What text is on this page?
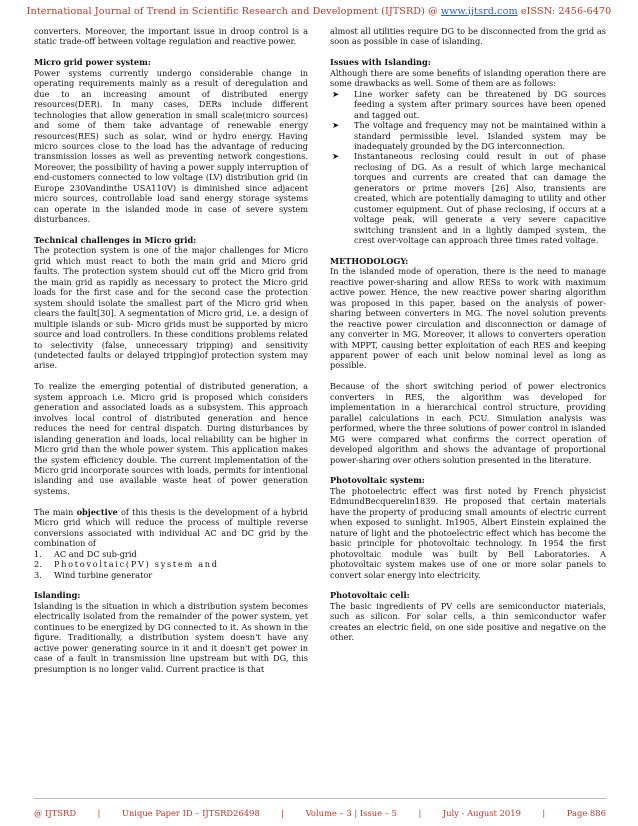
International Journal of Trend in Scientific Research and Development (IJTSRD) @ www.ijtsrd.com eISSN: 2456-6470

converters. Moreover, the important issue in droop control is a static trade-off between voltage regulation and reactive power.

Micro grid power system:

Power systems currently undergo considerable change in operating requirements mainly as a result of deregulation and due to an increasing amount of distributed energy resources(DER). In many cases, DERs include different technologies that allow generation in small scale(micro sources) and some of them take advantage of renewable energy resources(RES) such as solar, wind or hydro energy. Having micro sources close to the load has the advantage of reducing transmission losses as well as preventing network congestions. Moreover, the possibility of having a power supply interruption of end-customers connected to low voltage (LV) distribution grid (in Europe 230Vandinthe USA110V) is diminished since adjacent micro sources, controllable load sand energy storage systems can operate in the islanded mode in case of severe system disturbances.

Technical challenges in Micro grid:

The protection system is one of the major challenges for Micro grid which must react to both the main grid and Micro grid faults. The protection system should cut off the Micro grid from the main grid as rapidly as necessary to protect the Micro grid loads for the first case and for the second case the protection system should isolate the smallest part of the Micro grid when clears the fault[30]. A segmentation of Micro grid, i.e. a design of multiple islands or sub- Micro grids must be supported by micro source and load controllers. In these conditions problems related to selectivity (false, unnecessary tripping) and sensitivity (undetected faults or delayed tripping)of protection system may arise.

To realize the emerging potential of distributed generation, a system approach i.e. Micro grid is proposed which considers generation and associated loads as a subsystem. This approach involves local control of distributed generation and hence reduces the need for central dispatch. During disturbances by islanding generation and loads, local reliability can be higher in Micro grid than the whole power system. This application makes the system efficiency double. The current implementation of the Micro grid incorporate sources with loads, permits for intentional islanding and use available waste heat of power generation systems.

The main objective of this thesis is the development of a hybrid Micro grid which will reduce the process of multiple reverse conversions associated with individual AC and DC grid by the combination of

1. AC and DC sub-grid
2. Photovoltaic(PV) system and
3. Wind turbine generator

Islanding:

Islanding is the situation in which a distribution system becomes electrically isolated from the remainder of the power system, yet continues to be energized by DG connected to it. As shown in the figure. Traditionally, a distribution system doesn't have any active power generating source in it and it doesn't get power in case of a fault in transmission line upstream but with DG, this presumption is no longer valid. Current practice is that

almost all utilities require DG to be disconnected from the grid as soon as possible in case of islanding.

Issues with Islanding:

Although there are some benefits of islanding operation there are some drawbacks as well. Some of them are as follows:

➤ Line worker safety can be threatened by DG sources feeding a system after primary sources have been opened and tagged out.
➤ The voltage and frequency may not be maintained within a standard permissible level. Islanded system may be inadequately grounded by the DG interconnection.
➤ Instantaneous reclosing could result in out of phase reclosing of DG. As a result of which large mechanical torques and currents are created that can damage the generators or prime movers [26] Also, transients are created, which are potentially damaging to utility and other customer equipment. Out of phase reclosing, if occurs at a voltage peak, will generate a very severe capacitive switching transient and in a lightly damped system, the crest over-voltage can approach three times rated voltage.

METHODOLOGY:

In the islanded mode of operation, there is the need to manage reactive power-sharing and allow RESs to work with maximum active power. Hence, the new reactive power sharing algorithm was proposed in this paper, based on the analysis of power-sharing between converters in MG. The novel solution prevents the reactive power circulation and disconnection or damage of any converter in MG. Moreover, it allows to converters operation with MPPT, causing better exploitation of each RES and keeping apparent power of each unit below nominal level as long as possible.

Because of the short switching period of power electronics converters in RES, the algorithm was developed for implementation in a hierarchical control structure, providing parallel calculations in each PCU. Simulation analysis was performed, where the three solutions of power control in islanded MG were compared what confirms the correct operation of developed algorithm and shows the advantage of proportional power-sharing over others solution presented in the literature.

Photovoltaic system:

The photoelectric effect was first noted by French physicist EdmundBecquerelin1839. He proposed that certain materials have the property of producing small amounts of electric current when exposed to sunlight. In1905, Albert Einstein explained the nature of light and the photoelectric effect which has become the basic principle for photovoltaic technology. In 1954 the first photovoltaic module was built by Bell Laboratories. A photovoltaic system makes use of one or more solar panels to convert solar energy into electricity.

Photovoltaic cell:

The basic ingredients of PV cells are semiconductor materials, such as silicon. For solar cells, a thin semiconductor wafer creates an electric field, on one side positive and negative on the other.

@ IJTSRD	|	Unique Paper ID – IJTSRD26498	|	Volume – 3 | Issue – 5	|	July - August 2019	|	Page 886
